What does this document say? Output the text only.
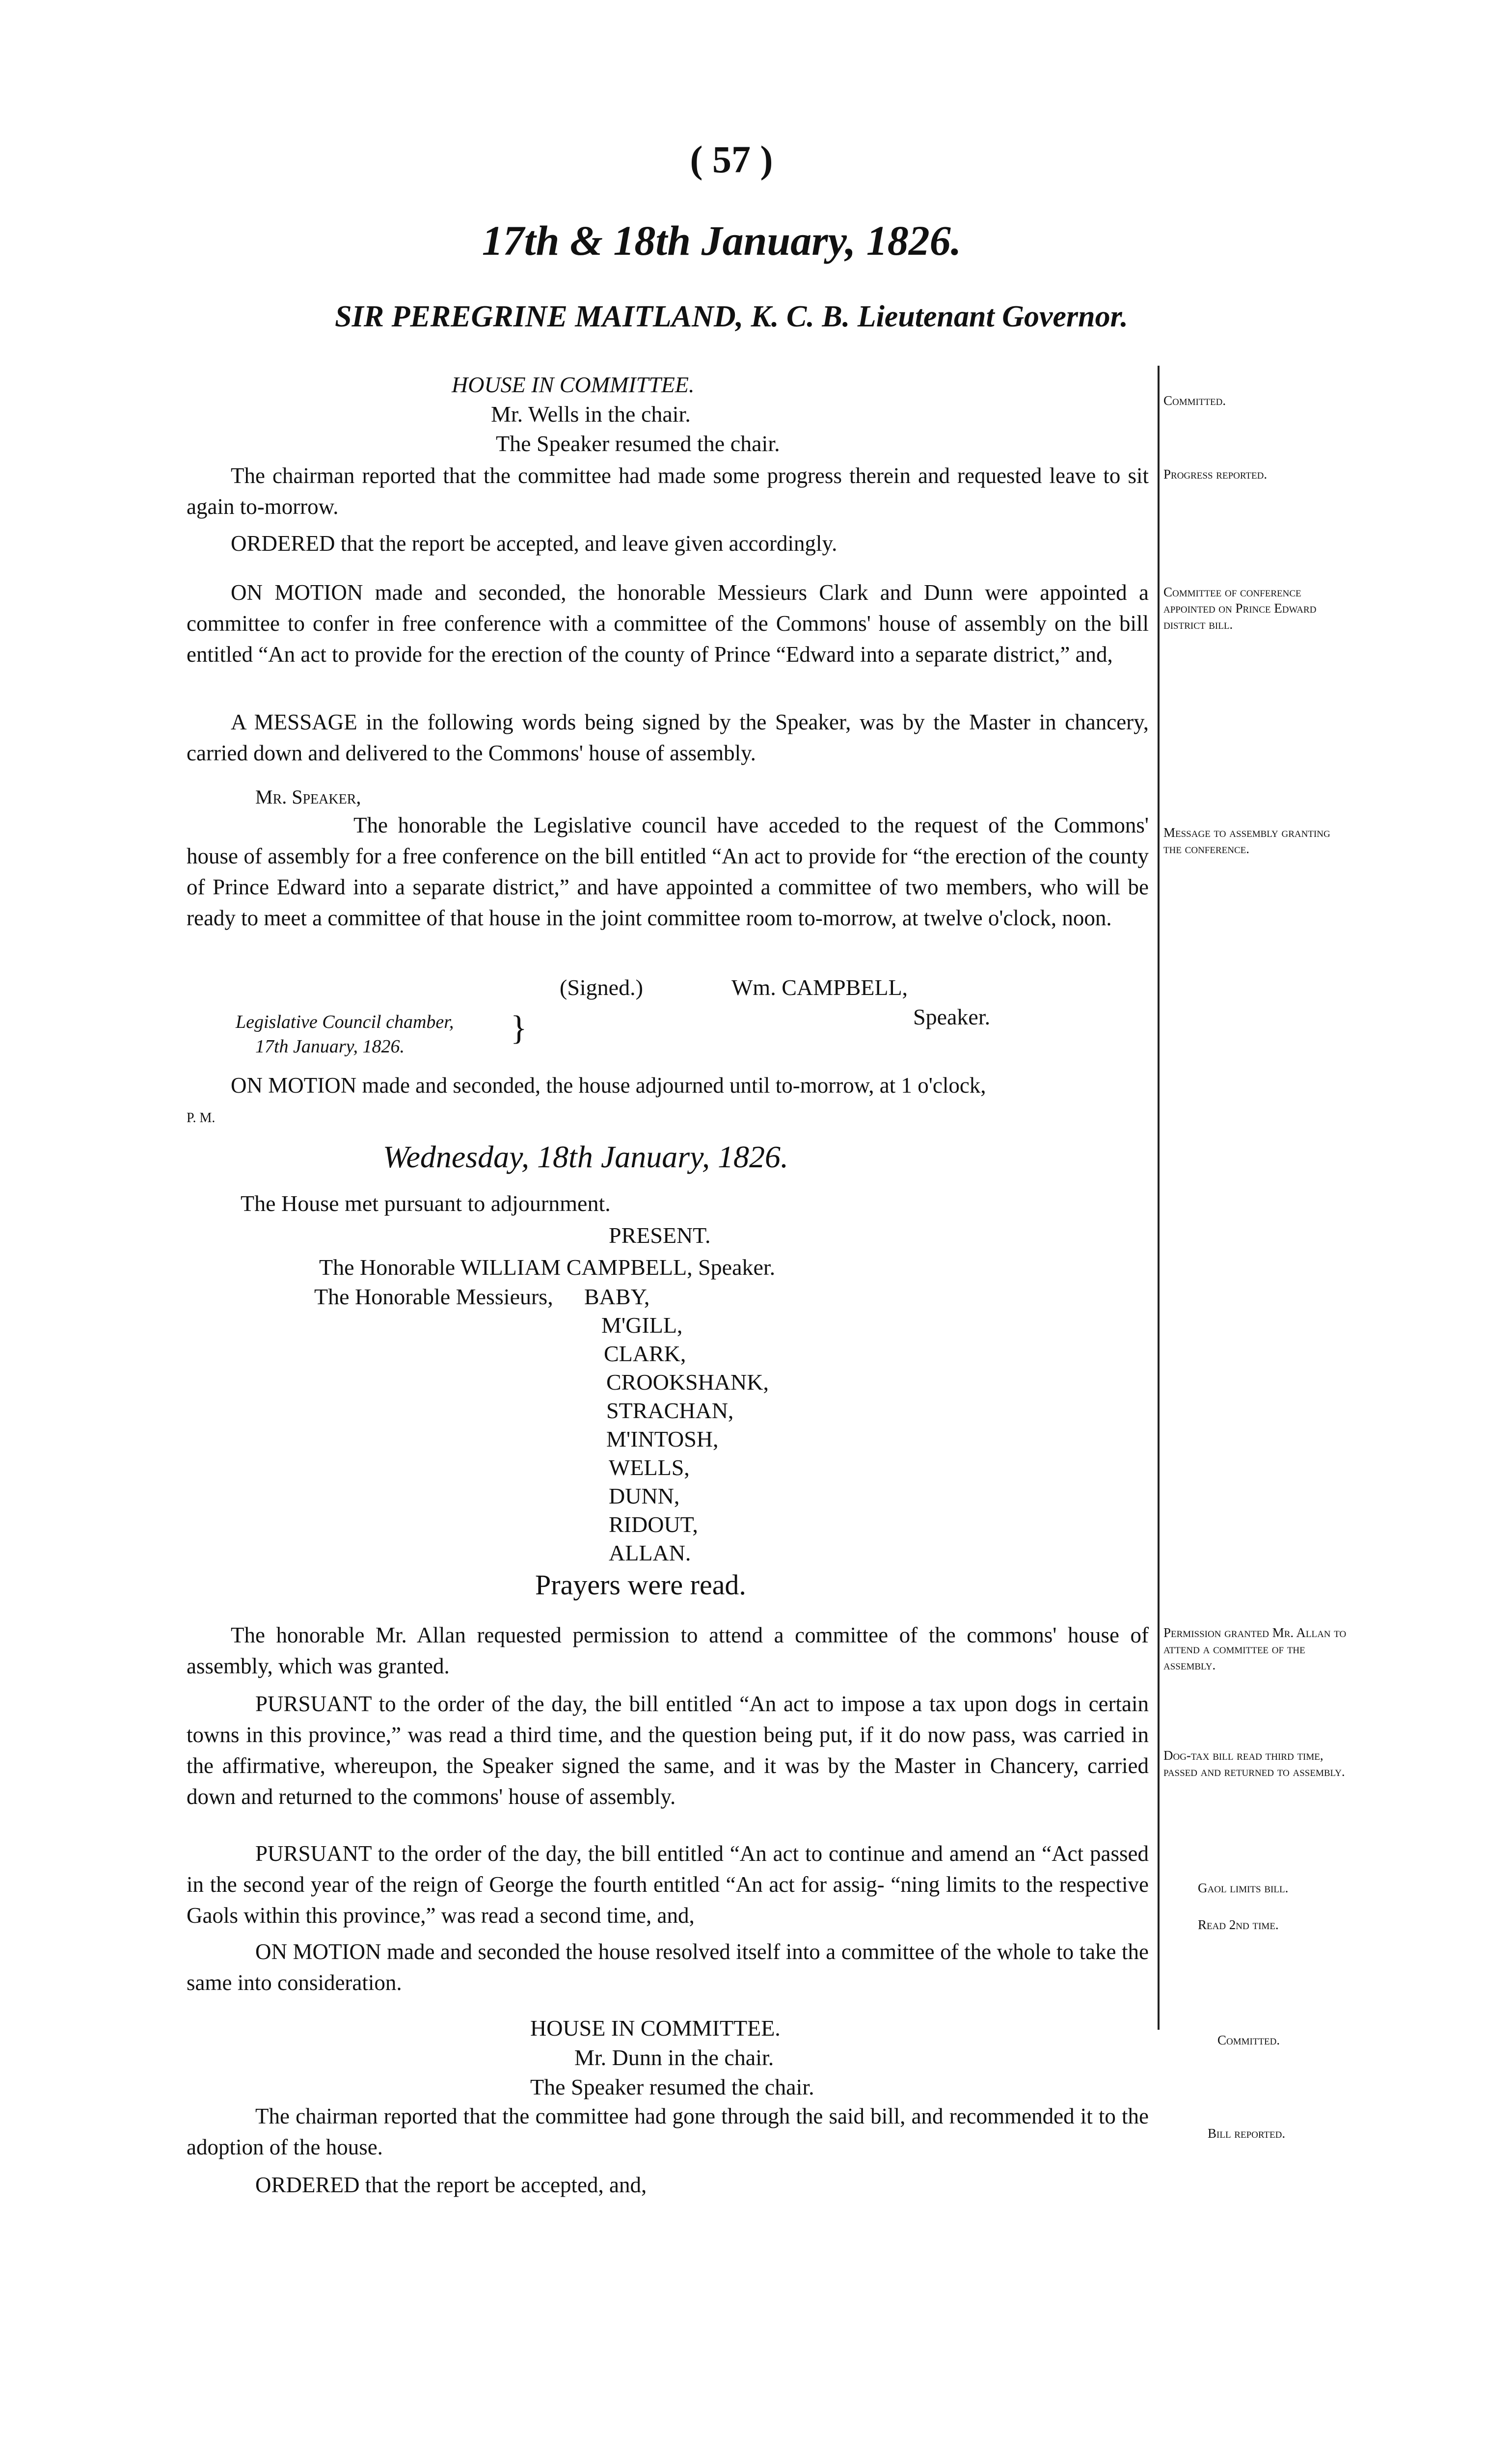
( 57 )
17th & 18th January, 1826.
SIR PEREGRINE MAITLAND, K. C. B. Lieutenant Governor.
HOUSE IN COMMITTEE.
Mr. Wells in the chair.
The Speaker resumed the chair.
The chairman reported that the committee had made some progress therein and requested leave to sit again to-morrow.
ORDERED that the report be accepted, and leave given accordingly.
ON MOTION made and seconded, the honorable Messieurs Clark and Dunn were appointed a committee to confer in free conference with a committee of the Commons' house of assembly on the bill entitled “An act to provide for the erection of the county of Prince “Edward into a separate district,” and,
A MESSAGE in the following words being signed by the Speaker, was by the Master in chancery, carried down and delivered to the Commons' house of assembly.
Mr. Speaker,
The honorable the Legislative council have acceded to the request of the Commons' house of assembly for a free conference on the bill entitled “An act to provide for “the erection of the county of Prince Edward into a separate district,” and have appointed a committee of two members, who will be ready to meet a committee of that house in the joint committee room to-morrow, at twelve o'clock, noon.
(Signed.)	Wm. CAMPBELL,
Speaker.
Legislative Council chamber,
17th January, 1826.	}
ON MOTION made and seconded, the house adjourned until to-morrow, at 1 o'clock,
P. M.
Wednesday, 18th January, 1826.
The House met pursuant to adjournment.
PRESENT.
The Honorable WILLIAM CAMPBELL, Speaker.
The Honorable Messieurs, BABY,
M'GILL,
CLARK,
CROOKSHANK,
STRACHAN,
M'INTOSH,
WELLS,
DUNN,
RIDOUT,
ALLAN.
Prayers were read.
The honorable Mr. Allan requested permission to attend a committee of the commons' house of assembly, which was granted.
PURSUANT to the order of the day, the bill entitled “An act to impose a tax upon dogs in certain towns in this province,” was read a third time, and the question being put, if it do now pass, was carried in the affirmative, whereupon, the Speaker signed the same, and it was by the Master in Chancery, carried down and returned to the commons' house of assembly.
PURSUANT to the order of the day, the bill entitled “An act to continue and amend an “Act passed in the second year of the reign of George the fourth entitled “An act for assig- “ning limits to the respective Gaols within this province,” was read a second time, and,
ON MOTION made and seconded the house resolved itself into a committee of the whole to take the same into consideration.
HOUSE IN COMMITTEE.
Mr. Dunn in the chair.
The Speaker resumed the chair.
The chairman reported that the committee had gone through the said bill, and recommended it to the adoption of the house.
ORDERED that the report be accepted, and,
Committed.
Progress reported.
Committee of conference appointed on Prince Edward district bill.
Message to assembly granting the conference.
Permission granted Mr. Allan to attend a committee of the assembly.
Dog-tax bill read third time, passed and returned to assembly.
Gaol limits bill.
Read 2nd time.
Committed.
Bill reported.
